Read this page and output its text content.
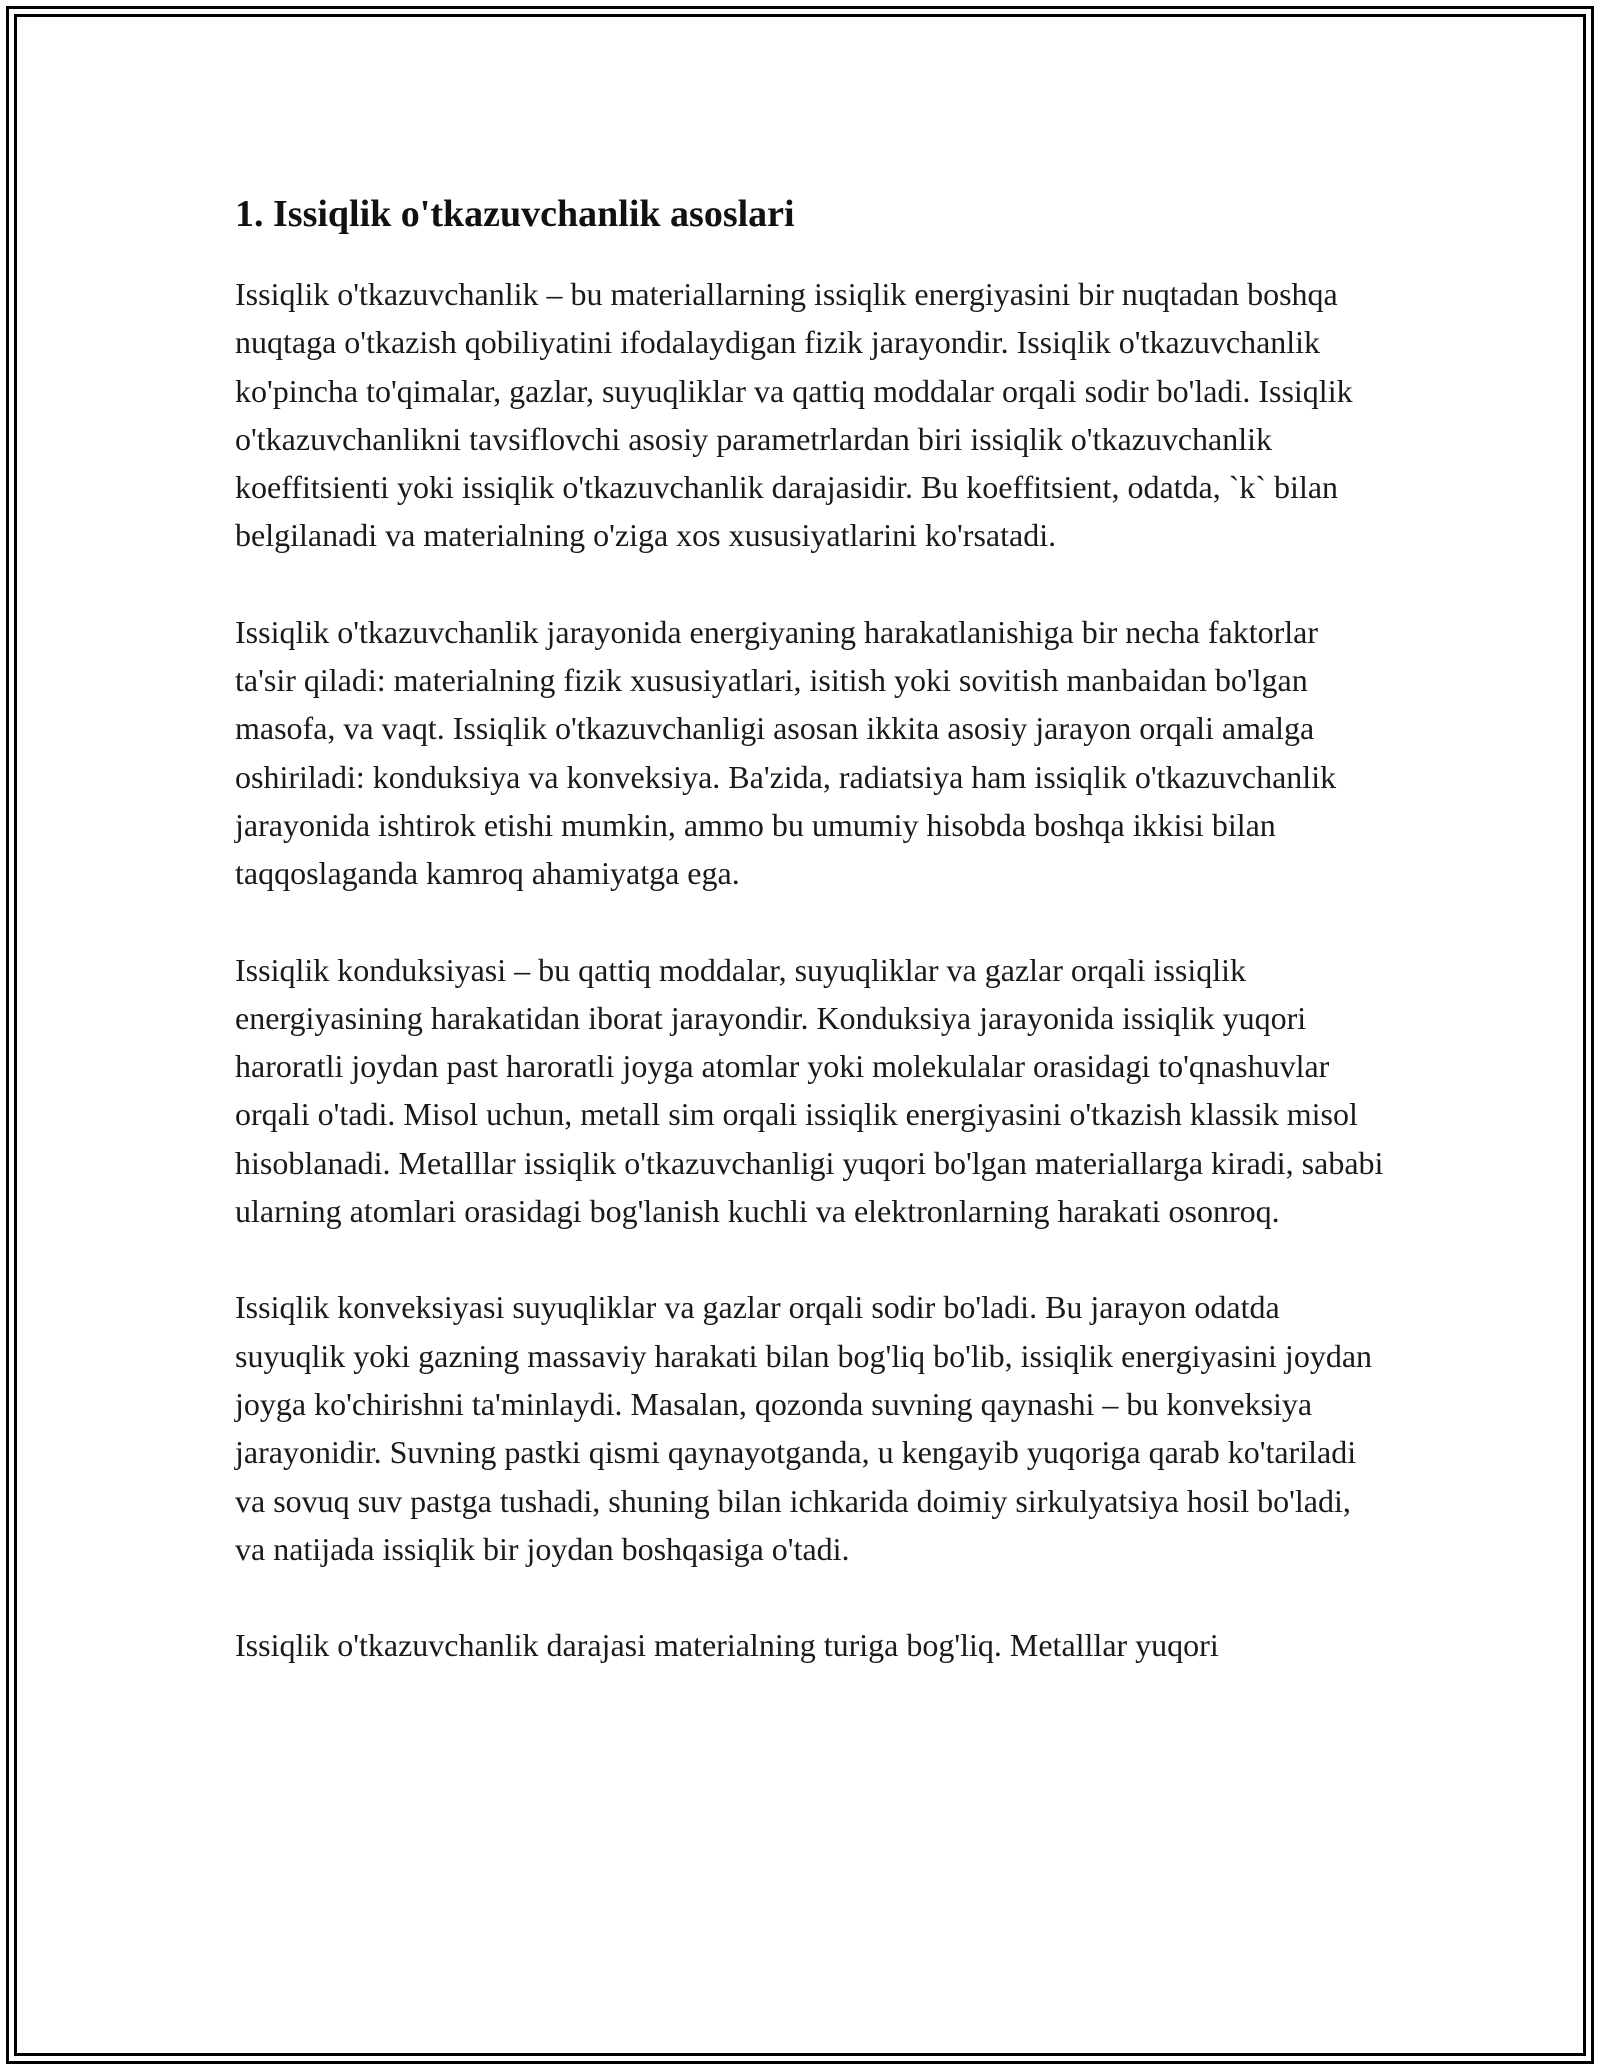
1. Issiqlik o'tkazuvchanlik asoslari

Issiqlik o'tkazuvchanlik – bu materiallarning issiqlik energiyasini bir nuqtadan boshqa nuqtaga o'tkazish qobiliyatini ifodalaydigan fizik jarayondir. Issiqlik o'tkazuvchanlik ko'pincha to'qimalar, gazlar, suyuqliklar va qattiq moddalar orqali sodir bo'ladi. Issiqlik o'tkazuvchanlikni tavsiflovchi asosiy parametrlardan biri issiqlik o'tkazuvchanlik koeffitsienti yoki issiqlik o'tkazuvchanlik darajasidir. Bu koeffitsient, odatda, `k` bilan belgilanadi va materialning o'ziga xos xususiyatlarini ko'rsatadi.

Issiqlik o'tkazuvchanlik jarayonida energiyaning harakatlanishiga bir necha faktorlar ta'sir qiladi: materialning fizik xususiyatlari, isitish yoki sovitish manbaidan bo'lgan masofa, va vaqt. Issiqlik o'tkazuvchanligi asosan ikkita asosiy jarayon orqali amalga oshiriladi: konduksiya va konveksiya. Ba'zida, radiatsiya ham issiqlik o'tkazuvchanlik jarayonida ishtirok etishi mumkin, ammo bu umumiy hisobda boshqa ikkisi bilan taqqoslaganda kamroq ahamiyatga ega.

Issiqlik konduksiyasi – bu qattiq moddalar, suyuqliklar va gazlar orqali issiqlik energiyasining harakatidan iborat jarayondir. Konduksiya jarayonida issiqlik yuqori haroratli joydan past haroratli joyga atomlar yoki molekulalar orasidagi to'qnashuvlar orqali o'tadi. Misol uchun, metall sim orqali issiqlik energiyasini o'tkazish klassik misol hisoblanadi. Metalllar issiqlik o'tkazuvchanligi yuqori bo'lgan materiallarga kiradi, sababi ularning atomlari orasidagi bog'lanish kuchli va elektronlarning harakati osonroq.

Issiqlik konveksiyasi suyuqliklar va gazlar orqali sodir bo'ladi. Bu jarayon odatda suyuqlik yoki gazning massaviy harakati bilan bog'liq bo'lib, issiqlik energiyasini joydan joyga ko'chirishni ta'minlaydi. Masalan, qozonda suvning qaynashi – bu konveksiya jarayonidir. Suvning pastki qismi qaynayotganda, u kengayib yuqoriga qarab ko'tariladi va sovuq suv pastga tushadi, shuning bilan ichkarida doimiy sirkulyatsiya hosil bo'ladi, va natijada issiqlik bir joydan boshqasiga o'tadi.

Issiqlik o'tkazuvchanlik darajasi materialning turiga bog'liq. Metalllar yuqori
